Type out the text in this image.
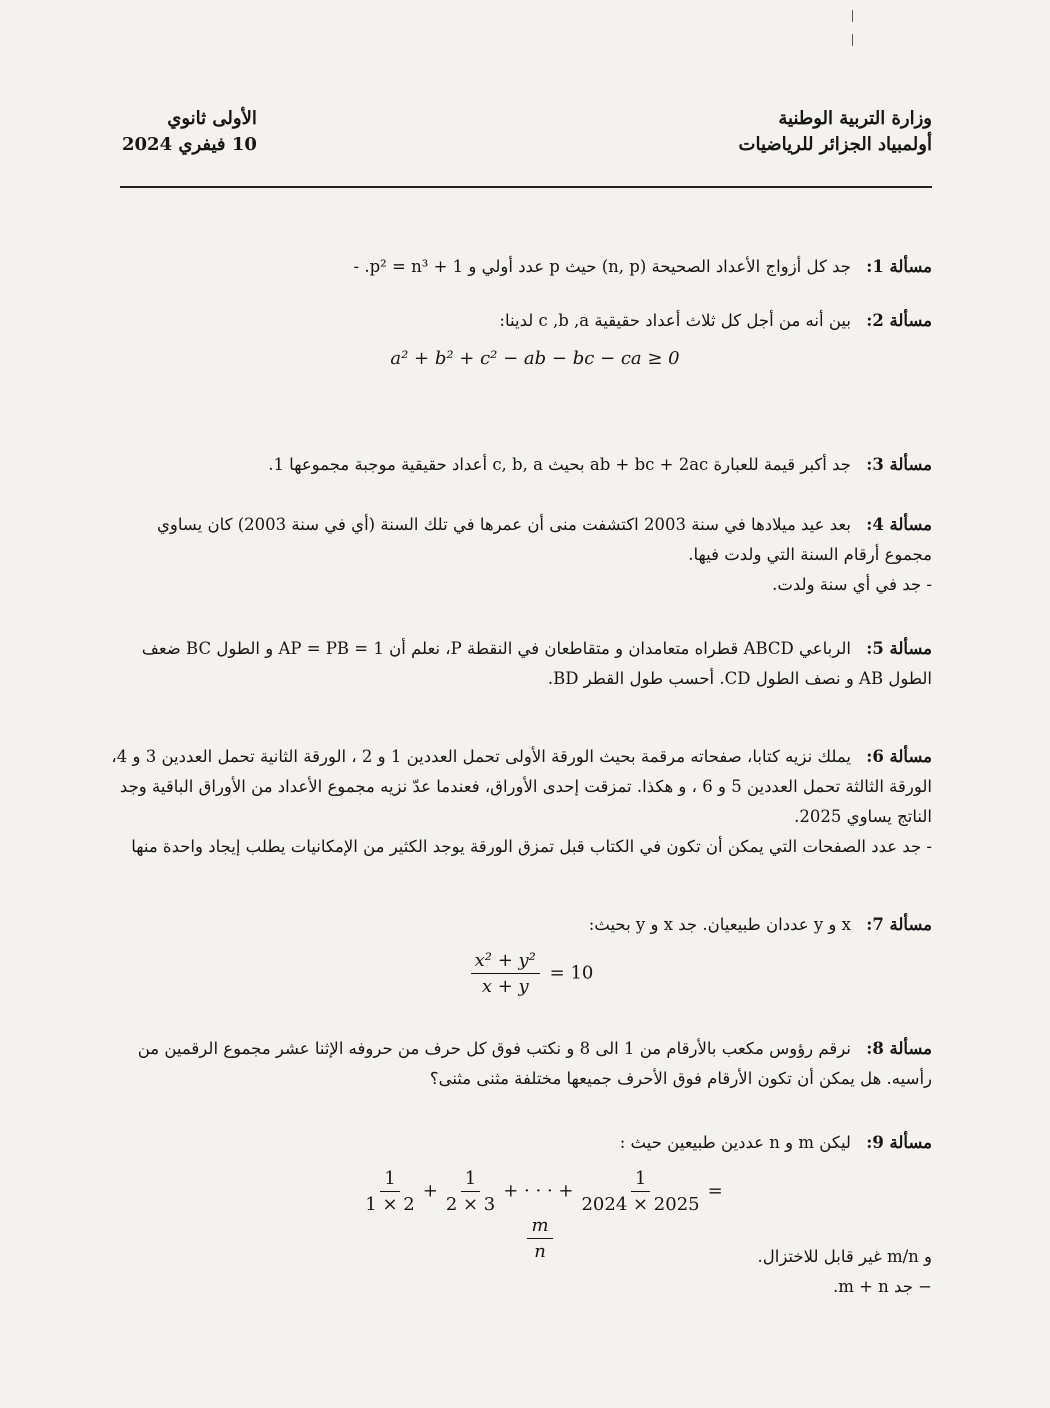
وزارة التربية الوطنية
أولمبياد الجزائر للرياضيات
الأولى ثانوي
10 فيفري 2024
مسألة 1: جد كل أزواج الأعداد الصحيحة (n, p) حيث p عدد أولي و p² = n³ + 1. -
مسألة 2: بين أنه من أجل كل ثلاث أعداد حقيقية c ,b ,a لدينا:
a² + b² + c² − ab − bc − ca ≥ 0
مسألة 3: جد أكبر قيمة للعبارة ab + bc + 2ac بحيث c, b, a أعداد حقيقية موجبة مجموعها 1.
مسألة 4: بعد عيد ميلادها في سنة 2003 اكتشفت منى أن عمرها في تلك السنة (أي في سنة 2003) كان يساوي مجموع أرقام السنة التي ولدت فيها.
- جد في أي سنة ولدت.
مسألة 5: الرباعي ABCD قطراه متعامدان و متقاطعان في النقطة P، نعلم أن AP = PB = 1 و الطول BC ضعف الطول AB و نصف الطول CD. أحسب طول القطر BD.
مسألة 6: يملك نزيه كتابا، صفحاته مرقمة بحيث الورقة الأولى تحمل العددين 1 و 2 ، الورقة الثانية تحمل العددين 3 و 4، الورقة الثالثة تحمل العددين 5 و 6 ، و هكذا. تمزقت إحدى الأوراق، فعندما عدّ نزيه مجموع الأعداد من الأوراق الباقية وجد الناتج يساوي 2025.
- جد عدد الصفحات التي يمكن أن تكون في الكتاب قبل تمزق الورقة يوجد الكثير من الإمكانيات يطلب إيجاد واحدة منها
مسألة 7: x و y عددان طبيعيان. جد x و y بحيث:
$\frac{\text{x² + y²}}{x + y} = 10$
مسألة 8: نرقم رؤوس مكعب بالأرقام من 1 الى 8 و نكتب فوق كل حرف من حروفه الإثنا عشر مجموع الرقمين من رأسيه. هل يمكن أن تكون الأرقام فوق الأحرف جميعها مختلفة مثنى مثنى؟
مسألة 9: ليكن m و n عددين طبيعين حيث :
$\frac{1}{1 \times 2} + \frac{1}{2 \times 3}$ + · · · + $\frac{1}{2024 \times 2025}$ =
$\frac{m}{n}$	و m/n غير قابل للاختزال.
− جد m + n.
